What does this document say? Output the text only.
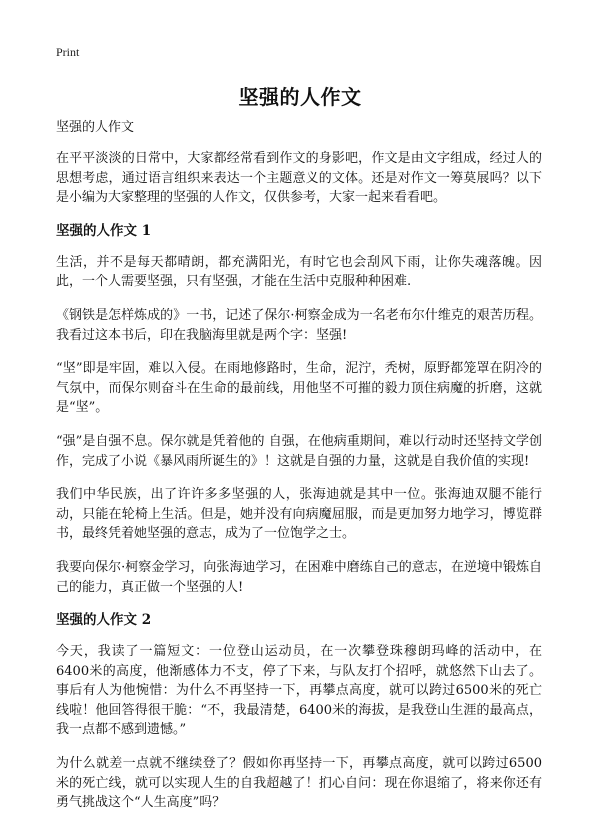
Print
坚强的人作文
坚强的人作文

在平平淡淡的日常中，大家都经常看到作文的身影吧，作文是由文字组成，经过人的思想考虑，通过语言组织来表达一个主题意义的文体。还是对作文一筹莫展吗？以下是小编为大家整理的坚强的人作文，仅供参考，大家一起来看看吧。

坚强的人作文 1

生活，并不是每天都晴朗，都充满阳光，有时它也会刮风下雨，让你失魂落魄。因此，一个人需要坚强，只有坚强，才能在生活中克服种种困难.

《钢铁是怎样炼成的》一书，记述了保尔·柯察金成为一名老布尔什维克的艰苦历程。我看过这本书后，印在我脑海里就是两个字：坚强!

“坚”即是牢固，难以入侵。在雨地修路时，生命，泥泞，秃树，原野都笼罩在阴冷的气氛中，而保尔则奋斗在生命的最前线，用他坚不可摧的毅力顶住病魔的折磨，这就是“坚”。

“强”是自强不息。保尔就是凭着他的 自强，在他病重期间，难以行动时还坚持文学创作，完成了小说《暴风雨所诞生的》！这就是自强的力量，这就是自我价值的实现!

我们中华民族，出了许许多多坚强的人，张海迪就是其中一位。张海迪双腿不能行动，只能在轮椅上生活。但是，她并没有向病魔屈服，而是更加努力地学习，博览群书，最终凭着她坚强的意志，成为了一位饱学之士。

我要向保尔·柯察金学习，向张海迪学习，在困难中磨练自己的意志，在逆境中锻炼自己的能力，真正做一个坚强的人!

坚强的人作文 2

今天，我读了一篇短文：一位登山运动员，在一次攀登珠穆朗玛峰的活动中，在6400米的高度，他渐感体力不支，停了下来，与队友打个招呼，就悠然下山去了。事后有人为他惋惜：为什么不再坚持一下，再攀点高度，就可以跨过6500米的死亡线啦！他回答得很干脆：“不，我最清楚，6400米的海拔，是我登山生涯的最高点，我一点都不感到遗憾。”

为什么就差一点就不继续登了？假如你再坚持一下，再攀点高度，就可以跨过6500米的死亡线，就可以实现人生的自我超越了！扪心自问：现在你退缩了，将来你还有勇气挑战这个“人生高度”吗？
